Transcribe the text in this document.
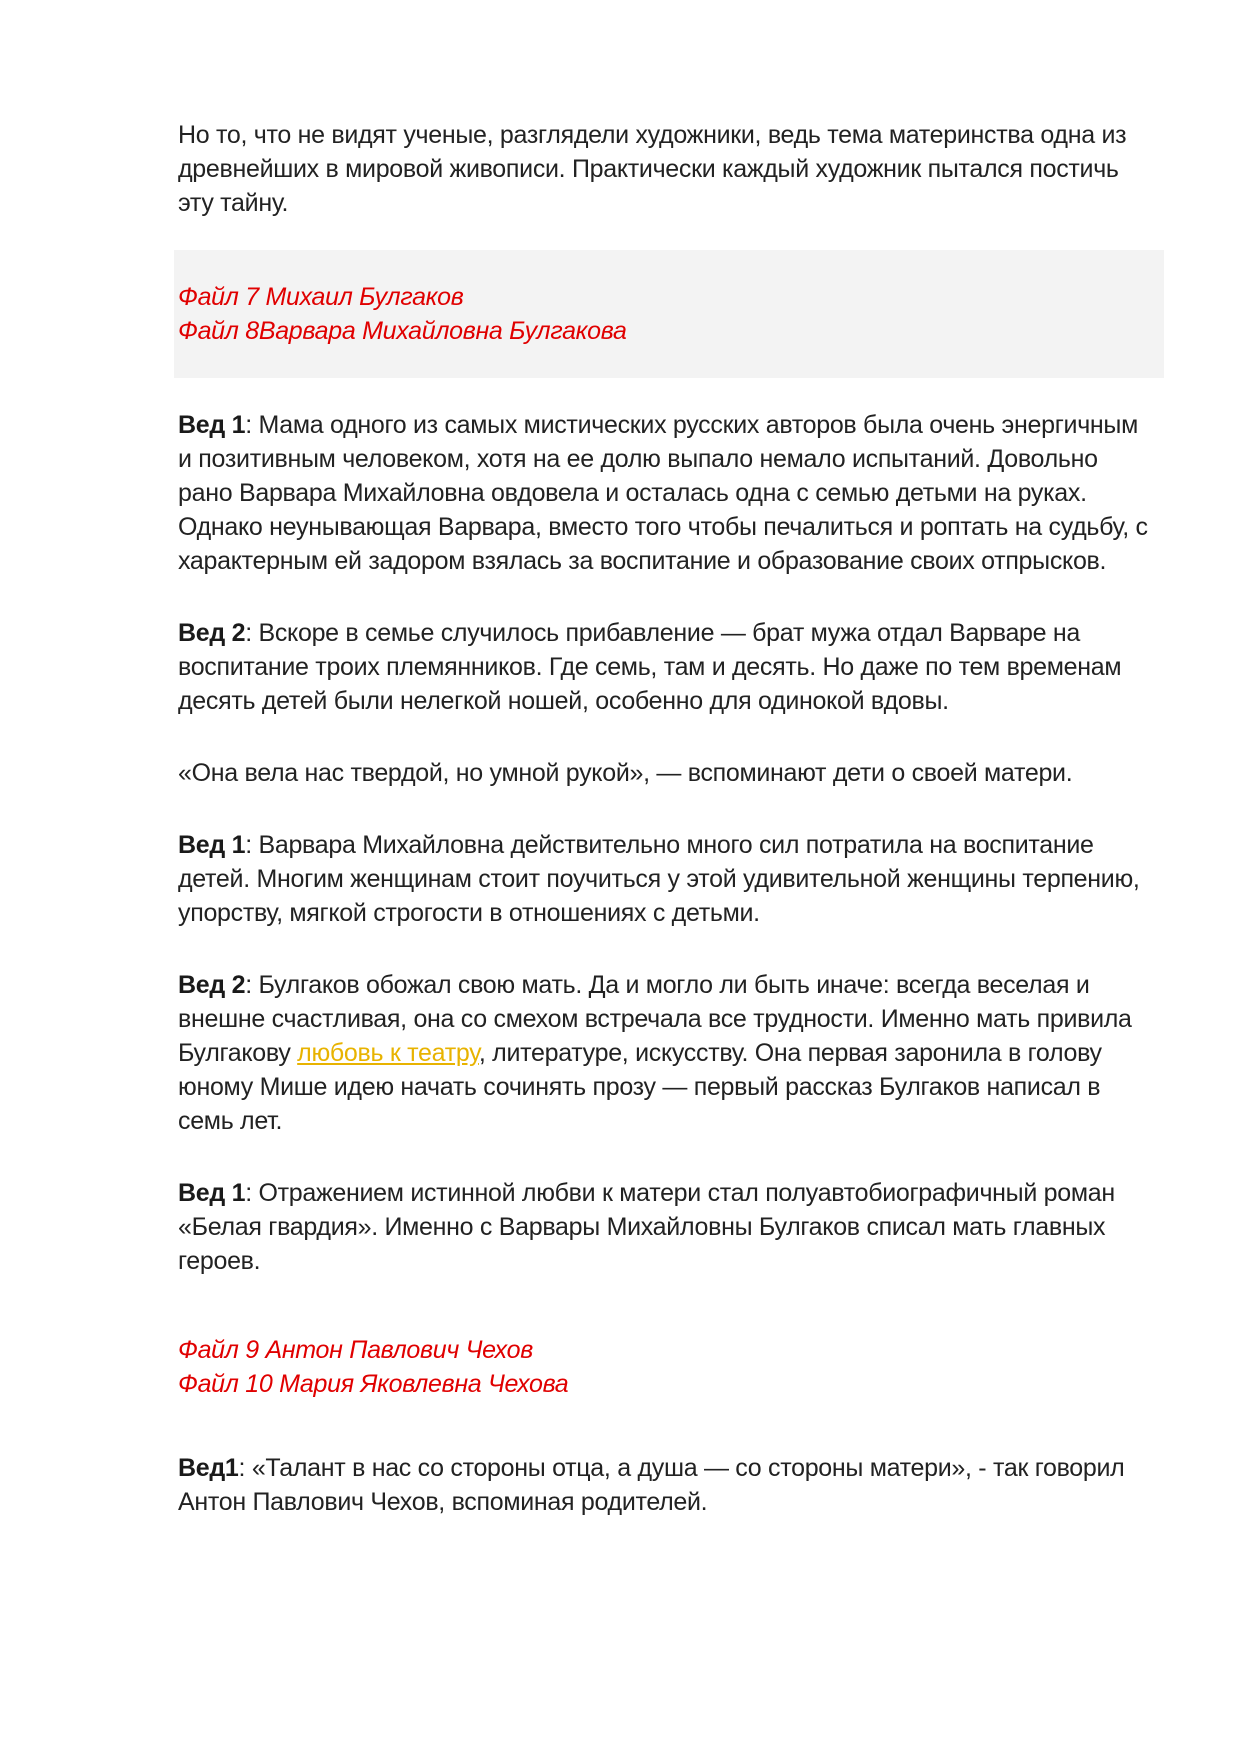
Но то, что не видят ученые, разглядели художники, ведь тема материнства одна из древнейших в мировой живописи. Практически каждый художник пытался постичь эту тайну.

Файл 7 Михаил Булгаков
Файл 8Варвара Михайловна Булгакова

Вед 1: Мама одного из самых мистических русских авторов была очень энергичным и позитивным человеком, хотя на ее долю выпало немало испытаний. Довольно рано Варвара Михайловна овдовела и осталась одна с семью детьми на руках. Однако неунывающая Варвара, вместо того чтобы печалиться и роптать на судьбу, с характерным ей задором взялась за воспитание и образование своих отпрысков.

Вед 2: Вскоре в семье случилось прибавление — брат мужа отдал Варваре на воспитание троих племянников. Где семь, там и десять. Но даже по тем временам десять детей были нелегкой ношей, особенно для одинокой вдовы.

«Она вела нас твердой, но умной рукой», — вспоминают дети о своей матери.

Вед 1: Варвара Михайловна действительно много сил потратила на воспитание детей. Многим женщинам стоит поучиться у этой удивительной женщины терпению, упорству, мягкой строгости в отношениях с детьми.

Вед 2: Булгаков обожал свою мать. Да и могло ли быть иначе: всегда веселая и внешне счастливая, она со смехом встречала все трудности. Именно мать привила Булгакову любовь к театру, литературе, искусству. Она первая заронила в голову юному Мише идею начать сочинять прозу — первый рассказ Булгаков написал в семь лет.

Вед 1: Отражением истинной любви к матери стал полуавтобиографичный роман «Белая гвардия». Именно с Варвары Михайловны Булгаков списал мать главных героев.

Файл 9 Антон Павлович Чехов
Файл 10 Мария Яковлевна Чехова

Вед1: «Талант в нас со стороны отца, а душа — со стороны матери», - так говорил Антон Павлович Чехов, вспоминая родителей.
